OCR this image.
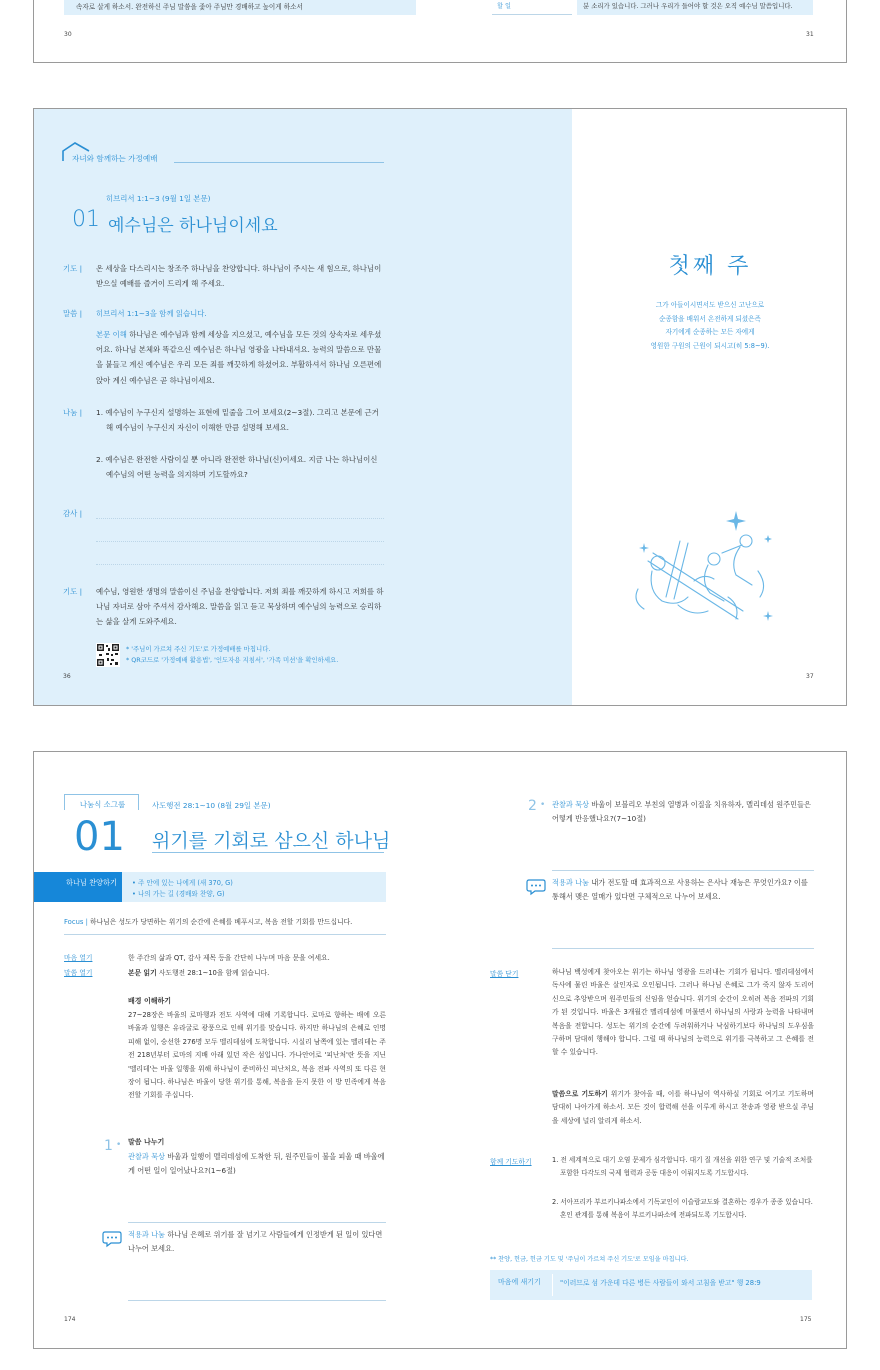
속자로 살게 하소서. 완전하신 주님 말씀을 좇아 주님만 경배하고 높이게 하소서	할 일	분 소리가 있습니다. 그러나 우리가 들어야 할 것은 오직 예수님 말씀입니다.
30	31
자녀와 함께하는 가정예배
히브리서 1:1~3 (9월 1일 본문)
01 예수님은 하나님이세요
기도 | 온 세상을 다스리시는 창조주 하나님을 찬양합니다. 하나님이 주시는 새 힘으로, 하나님이 받으실 예배를 즐거이 드리게 해 주세요.
말씀 | 히브리서 1:1~3을 함께 읽습니다.
본문 이해 하나님은 예수님과 함께 세상을 지으셨고, 예수님을 모든 것의 상속자로 세우셨어요. 하나님 본체와 똑같으신 예수님은 하나님 영광을 나타내셔요. 능력의 말씀으로 만물을 붙들고 계신 예수님은 우리 모든 죄를 깨끗하게 하셨어요. 부활하셔서 하나님 오른편에 앉아 계신 예수님은 곧 하나님이세요.
나눔 | 1. 예수님이 누구신지 설명하는 표현에 밑줄을 그어 보세요(2~3절). 그리고 본문에 근거해 예수님이 누구신지 자신이 이해한 만큼 설명해 보세요.
2. 예수님은 완전한 사람이실 뿐 아니라 완전한 하나님(신)이세요. 지금 나는 하나님이신 예수님의 어떤 능력을 의지하며 기도할까요?
감사 |
기도 | 예수님, 영원한 생명의 말씀이신 주님을 찬양합니다. 저희 죄를 깨끗하게 하시고 저희를 하나님 자녀로 삼아 주셔서 감사해요. 말씀을 읽고 듣고 묵상하며 예수님의 능력으로 승리하는 삶을 살게 도와주세요.
* '주님이 가르쳐 주신 기도'로 가정예배를 마칩니다.
* QR코드로 '가정예배 활용법', '인도자용 지침서', '가족 미션'을 확인하세요.
36
첫째 주
그가 아들이시면서도 받으신 고난으로
순종함을 배워서 온전하게 되셨은즉
자기에게 순종하는 모든 자에게
영원한 구원의 근원이 되시고(히 5:8~9).
37
나눔식 소그룹	사도행전 28:1~10 (8월 29일 본문)
01 위기를 기회로 삼으신 하나님
하나님 찬양하기 • 주 안에 있는 나에게 (새 370, G)
• 나의 가는 길 (경배와 찬양, G)
Focus | 하나님은 성도가 당면하는 위기의 순간에 은혜를 베푸시고, 복음 전할 기회를 만드십니다.
마음 열기	한 주간의 삶과 QT, 감사 제목 등을 간단히 나누며 마음 문을 여세요.
말씀 열기	본문 읽기 사도행전 28:1~10을 함께 읽습니다.
배경 이해하기
27~28장은 바울의 로마행과 전도 사역에 대해 기록합니다. 로마로 향하는 배에 오른 바울과 일행은 유라굴로 광풍으로 인해 위기를 맞습니다. 하지만 하나님의 은혜로 인명 피해 없이, 승선한 276명 모두 멜리데섬에 도착합니다. 시실리 남쪽에 있는 멜리데는 주전 218년부터 로마의 지배 아래 있던 작은 섬입니다. 가나안어로 '피난처'란 뜻을 지닌 '멜리데'는 바울 일행을 위해 하나님이 준비하신 피난처요, 복음 전파 사역의 또 다른 현장이 됩니다. 하나님은 바울이 당한 위기를 통해, 복음을 듣지 못한 이 방 민족에게 복음 전할 기회를 주십니다.
1 • 말씀 나누기
관찰과 묵상 바울과 일행이 멜리데섬에 도착한 뒤, 원주민들이 불을 피울 때 바울에게 어떤 일이 일어났나요?(1~6절)
적용과 나눔 하나님 은혜로 위기를 잘 넘기고 사람들에게 인정받게 된 일이 있다면 나누어 보세요.
174
2 • 관찰과 묵상 바울이 보블리오 부친의 열병과 이질을 치유하자, 멜리데섬 원주민들은 어떻게 반응했나요?(7~10절)
적용과 나눔 내가 전도할 때 효과적으로 사용하는 은사나 재능은 무엇인가요? 이를 통해서 맺은 열매가 있다면 구체적으로 나누어 보세요.
말씀 닫기	하나님 백성에게 찾아오는 위기는 하나님 영광을 드러내는 기회가 됩니다. 멜리데섬에서 독사에 물린 바울은 살인자로 오인됩니다. 그러나 하나님 은혜로 그가 죽지 않자 도리어 신으로 추앙받으며 원주민들의 신임을 얻습니다. 위기의 순간이 오히려 복음 전파의 기회가 된 것입니다. 바울은 3개월간 멜리데섬에 머물면서 하나님의 사랑과 능력을 나타내며 복음을 전합니다. 성도는 위기의 순간에 두려워하거나 낙심하기보다 하나님의 도우심을 구하며 담대히 행해야 합니다. 그럴 때 하나님의 능력으로 위기를 극복하고 그 은혜를 전할 수 있습니다.
말씀으로 기도하기 위기가 찾아올 때, 이를 하나님이 역사하실 기회로 여기고 기도하며 담대히 나아가게 하소서. 모든 것이 합력해 선을 이루게 하시고 찬송과 영광 받으실 주님을 세상에 널리 알리게 하소서.
함께 기도하기	1. 전 세계적으로 대기 오염 문제가 심각합니다. 대기 질 개선을 위한 연구 및 기술적 조처를 포함한 다각도의 국제 협력과 공동 대응이 이뤄지도록 기도합시다.
2. 서아프리카 부르키나파소에서 기독교인이 이슬람교도와 결혼하는 경우가 종종 있습니다. 혼인 관계를 통해 복음이 부르키나파소에 전파되도록 기도합시다.
** 찬양, 헌금, 헌금 기도 및 '주님이 가르쳐 주신 기도'로 모임을 마칩니다.
마음에 새기기	"이러므로 섬 가운데 다른 병든 사람들이 와서 고침을 받고" 행 28:9
175
